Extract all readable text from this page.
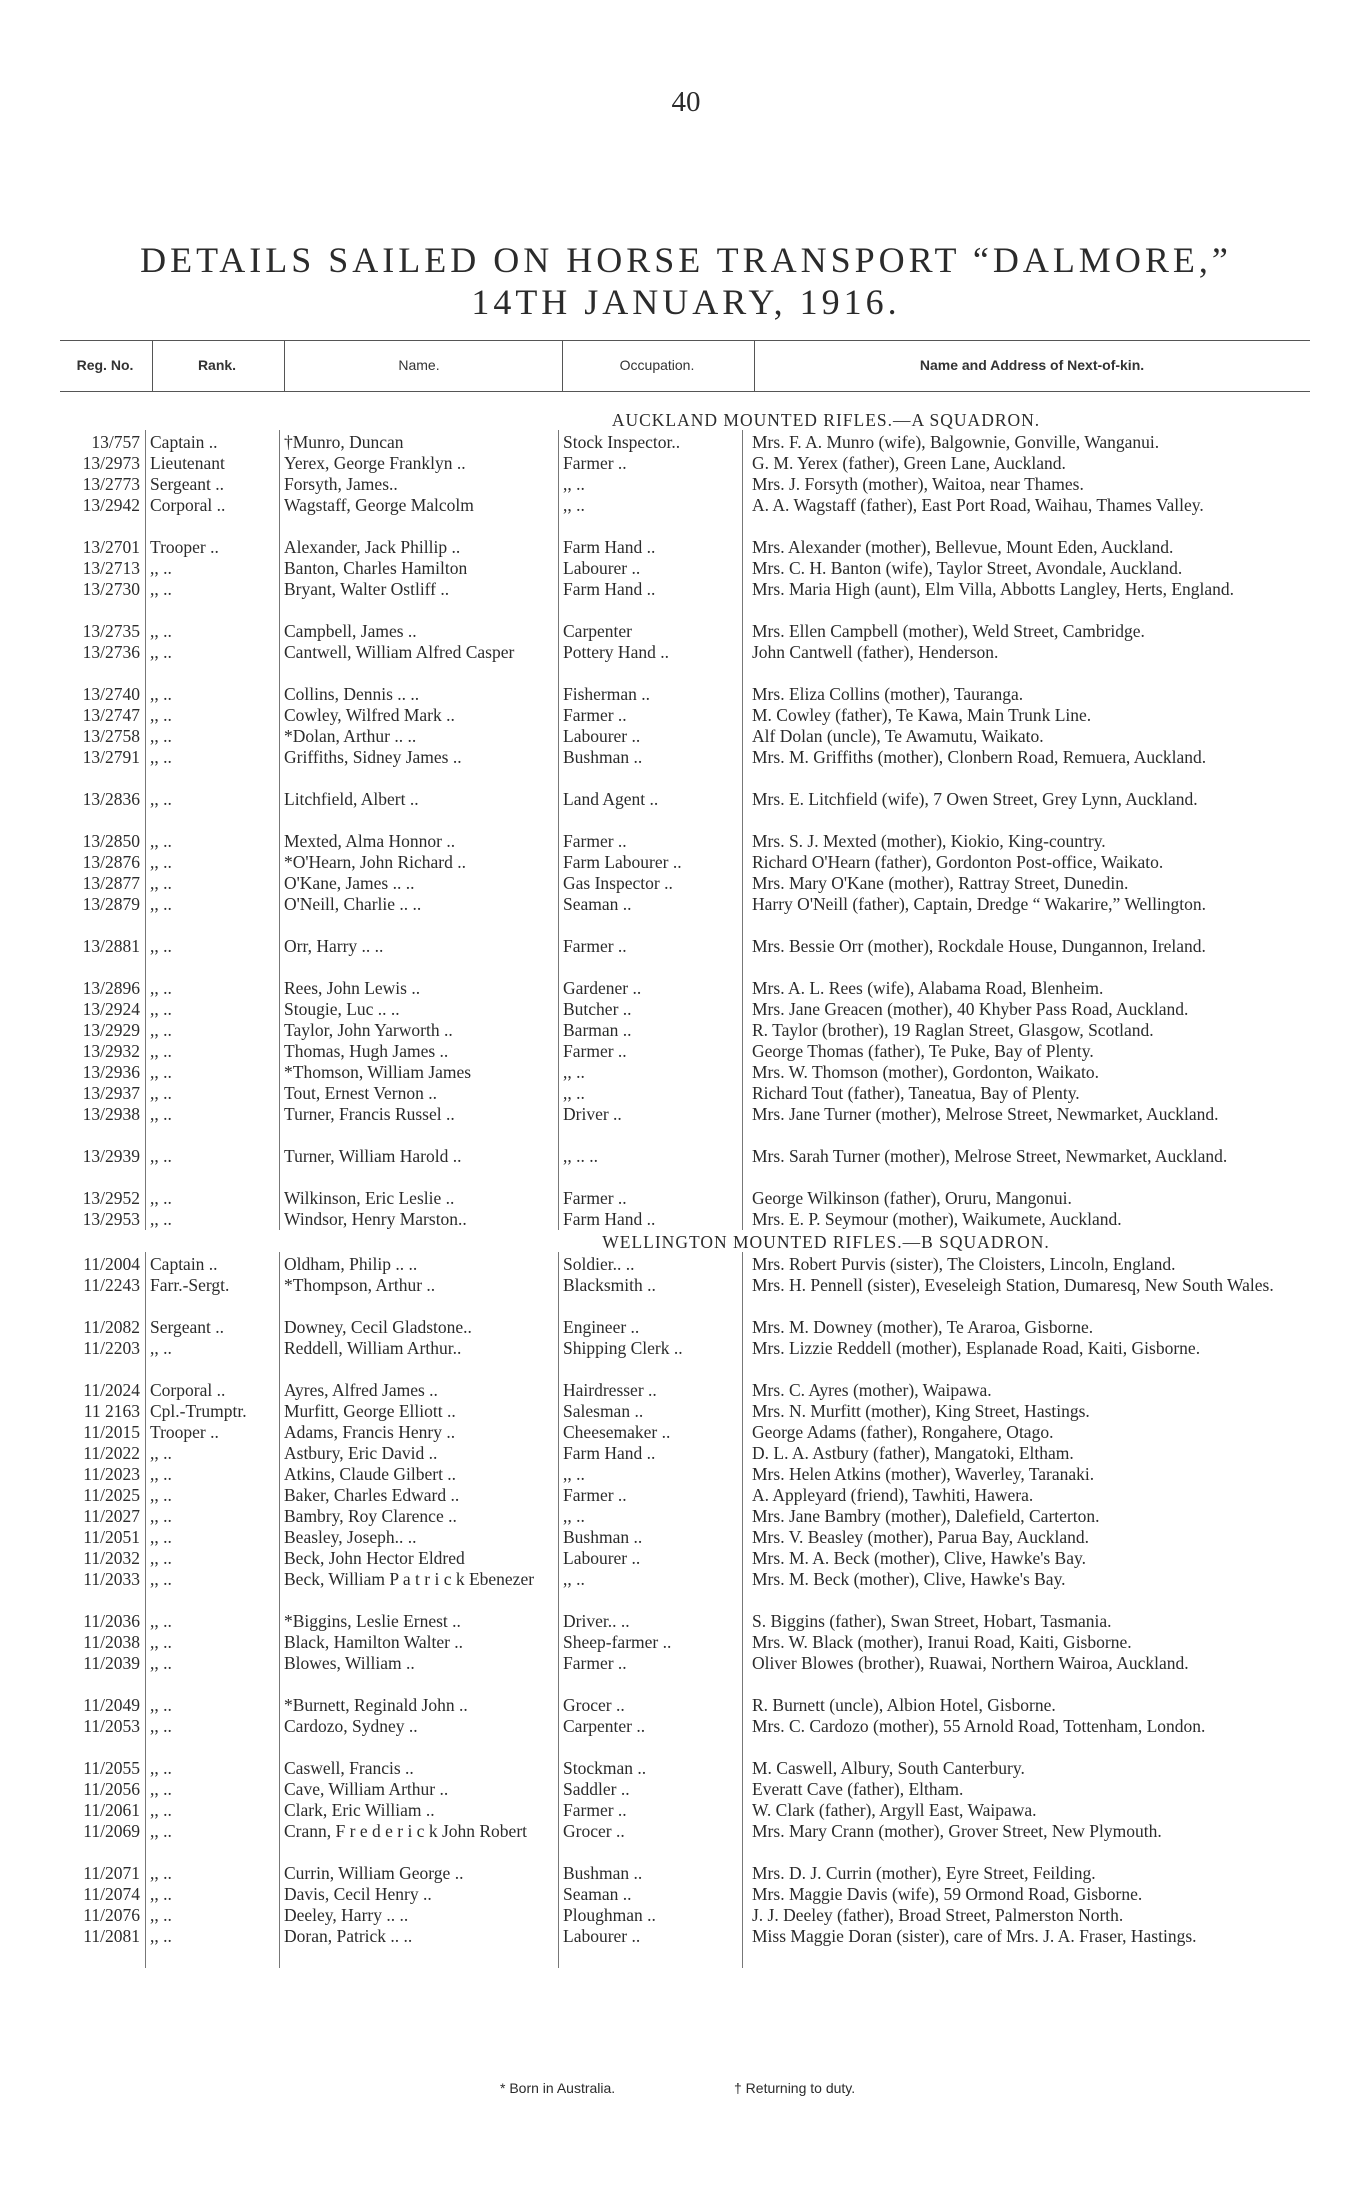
40
DETAILS SAILED ON HORSE TRANSPORT “DALMORE,”
14TH JANUARY, 1916.
Reg. No.	Rank.	Name.	Occupation.	Name and Address of Next-of-kin.
AUCKLAND MOUNTED RIFLES.—A SQUADRON.
13/757 Captain ..	†Munro, Duncan	Stock Inspector..	Mrs. F. A. Munro (wife), Balgownie, Gonville, Wanganui.
13/2973 Lieutenant	Yerex, George Franklyn ..	Farmer ..	G. M. Yerex (father), Green Lane, Auckland.
13/2773 Sergeant ..	Forsyth, James..	,, ..	Mrs. J. Forsyth (mother), Waitoa, near Thames.
13/2942 Corporal ..	Wagstaff, George Malcolm	,, ..	A. A. Wagstaff (father), East Port Road, Waihau, Thames Valley.
13/2701 Trooper ..	Alexander, Jack Phillip ..	Farm Hand ..	Mrs. Alexander (mother), Bellevue, Mount Eden, Auckland.
13/2713 ,, ..	Banton, Charles Hamilton	Labourer ..	Mrs. C. H. Banton (wife), Taylor Street, Avondale, Auckland.
13/2730 ,, ..	Bryant, Walter Ostliff ..	Farm Hand ..	Mrs. Maria High (aunt), Elm Villa, Abbotts Langley, Herts, England.
13/2735 ,, ..	Campbell, James ..	Carpenter	Mrs. Ellen Campbell (mother), Weld Street, Cambridge.
13/2736 ,, ..	Cantwell, William Alfred Casper	Pottery Hand ..	John Cantwell (father), Henderson.
13/2740 ,, ..	Collins, Dennis .. ..	Fisherman ..	Mrs. Eliza Collins (mother), Tauranga.
13/2747 ,, ..	Cowley, Wilfred Mark ..	Farmer ..	M. Cowley (father), Te Kawa, Main Trunk Line.
13/2758 ,, ..	*Dolan, Arthur .. ..	Labourer ..	Alf Dolan (uncle), Te Awamutu, Waikato.
13/2791 ,, ..	Griffiths, Sidney James ..	Bushman ..	Mrs. M. Griffiths (mother), Clonbern Road, Remuera, Auckland.
13/2836 ,, ..	Litchfield, Albert ..	Land Agent ..	Mrs. E. Litchfield (wife), 7 Owen Street, Grey Lynn, Auckland.
13/2850 ,, ..	Mexted, Alma Honnor ..	Farmer ..	Mrs. S. J. Mexted (mother), Kiokio, King-country.
13/2876 ,, ..	*O'Hearn, John Richard ..	Farm Labourer ..	Richard O'Hearn (father), Gordonton Post-office, Waikato.
13/2877 ,, ..	O'Kane, James .. ..	Gas Inspector ..	Mrs. Mary O'Kane (mother), Rattray Street, Dunedin.
13/2879 ,, ..	O'Neill, Charlie .. ..	Seaman ..	Harry O'Neill (father), Captain, Dredge “ Wakarire,” Wellington.
13/2881 ,, ..	Orr, Harry .. ..	Farmer ..	Mrs. Bessie Orr (mother), Rockdale House, Dungannon, Ireland.
13/2896 ,, ..	Rees, John Lewis ..	Gardener ..	Mrs. A. L. Rees (wife), Alabama Road, Blenheim.
13/2924 ,, ..	Stougie, Luc .. ..	Butcher ..	Mrs. Jane Greacen (mother), 40 Khyber Pass Road, Auckland.
13/2929 ,, ..	Taylor, John Yarworth ..	Barman ..	R. Taylor (brother), 19 Raglan Street, Glasgow, Scotland.
13/2932 ,, ..	Thomas, Hugh James ..	Farmer ..	George Thomas (father), Te Puke, Bay of Plenty.
13/2936 ,, ..	*Thomson, William James	,, ..	Mrs. W. Thomson (mother), Gordonton, Waikato.
13/2937 ,, ..	Tout, Ernest Vernon ..	,, ..	Richard Tout (father), Taneatua, Bay of Plenty.
13/2938 ,, ..	Turner, Francis Russel ..	Driver ..	Mrs. Jane Turner (mother), Melrose Street, Newmarket, Auckland.
13/2939 ,, ..	Turner, William Harold ..	,, .. ..	Mrs. Sarah Turner (mother), Melrose Street, Newmarket, Auckland.
13/2952 ,, ..	Wilkinson, Eric Leslie ..	Farmer ..	George Wilkinson (father), Oruru, Mangonui.
13/2953 ,, ..	Windsor, Henry Marston..	Farm Hand ..	Mrs. E. P. Seymour (mother), Waikumete, Auckland.
WELLINGTON MOUNTED RIFLES.—B SQUADRON.
11/2004 Captain ..	Oldham, Philip .. ..	Soldier.. ..	Mrs. Robert Purvis (sister), The Cloisters, Lincoln, England.
11/2243 Farr.-Sergt.	*Thompson, Arthur ..	Blacksmith ..	Mrs. H. Pennell (sister), Eveseleigh Station, Dumaresq, New South Wales.
11/2082 Sergeant ..	Downey, Cecil Gladstone..	Engineer ..	Mrs. M. Downey (mother), Te Araroa, Gisborne.
11/2203 ,, ..	Reddell, William Arthur..	Shipping Clerk ..	Mrs. Lizzie Reddell (mother), Esplanade Road, Kaiti, Gisborne.
11/2024 Corporal ..	Ayres, Alfred James ..	Hairdresser ..	Mrs. C. Ayres (mother), Waipawa.
11 2163 Cpl.-Trumptr.	Murfitt, George Elliott ..	Salesman ..	Mrs. N. Murfitt (mother), King Street, Hastings.
11/2015 Trooper ..	Adams, Francis Henry ..	Cheesemaker ..	George Adams (father), Rongahere, Otago.
11/2022 ,, ..	Astbury, Eric David ..	Farm Hand ..	D. L. A. Astbury (father), Mangatoki, Eltham.
11/2023 ,, ..	Atkins, Claude Gilbert ..	,, ..	Mrs. Helen Atkins (mother), Waverley, Taranaki.
11/2025 ,, ..	Baker, Charles Edward ..	Farmer ..	A. Appleyard (friend), Tawhiti, Hawera.
11/2027 ,, ..	Bambry, Roy Clarence ..	,, ..	Mrs. Jane Bambry (mother), Dalefield, Carterton.
11/2051 ,, ..	Beasley, Joseph.. ..	Bushman ..	Mrs. V. Beasley (mother), Parua Bay, Auckland.
11/2032 ,, ..	Beck, John Hector Eldred	Labourer ..	Mrs. M. A. Beck (mother), Clive, Hawke's Bay.
11/2033 ,, ..	Beck, William P a t r i c k Ebenezer	,, ..	Mrs. M. Beck (mother), Clive, Hawke's Bay.
11/2036 ,, ..	*Biggins, Leslie Ernest ..	Driver.. ..	S. Biggins (father), Swan Street, Hobart, Tasmania.
11/2038 ,, ..	Black, Hamilton Walter ..	Sheep-farmer ..	Mrs. W. Black (mother), Iranui Road, Kaiti, Gisborne.
11/2039 ,, ..	Blowes, William ..	Farmer ..	Oliver Blowes (brother), Ruawai, Northern Wairoa, Auckland.
11/2049 ,, ..	*Burnett, Reginald John ..	Grocer ..	R. Burnett (uncle), Albion Hotel, Gisborne.
11/2053 ,, ..	Cardozo, Sydney ..	Carpenter ..	Mrs. C. Cardozo (mother), 55 Arnold Road, Tottenham, London.
11/2055 ,, ..	Caswell, Francis ..	Stockman ..	M. Caswell, Albury, South Canterbury.
11/2056 ,, ..	Cave, William Arthur ..	Saddler ..	Everatt Cave (father), Eltham.
11/2061 ,, ..	Clark, Eric William ..	Farmer ..	W. Clark (father), Argyll East, Waipawa.
11/2069 ,, ..	Crann, F r e d e r i c k John Robert	Grocer ..	Mrs. Mary Crann (mother), Grover Street, New Plymouth.
11/2071 ,, ..	Currin, William George ..	Bushman ..	Mrs. D. J. Currin (mother), Eyre Street, Feilding.
11/2074 ,, ..	Davis, Cecil Henry ..	Seaman ..	Mrs. Maggie Davis (wife), 59 Ormond Road, Gisborne.
11/2076 ,, ..	Deeley, Harry .. ..	Ploughman ..	J. J. Deeley (father), Broad Street, Palmerston North.
11/2081 ,, ..	Doran, Patrick .. ..	Labourer ..	Miss Maggie Doran (sister), care of Mrs. J. A. Fraser, Hastings.
* Born in Australia.	† Returning to duty.
